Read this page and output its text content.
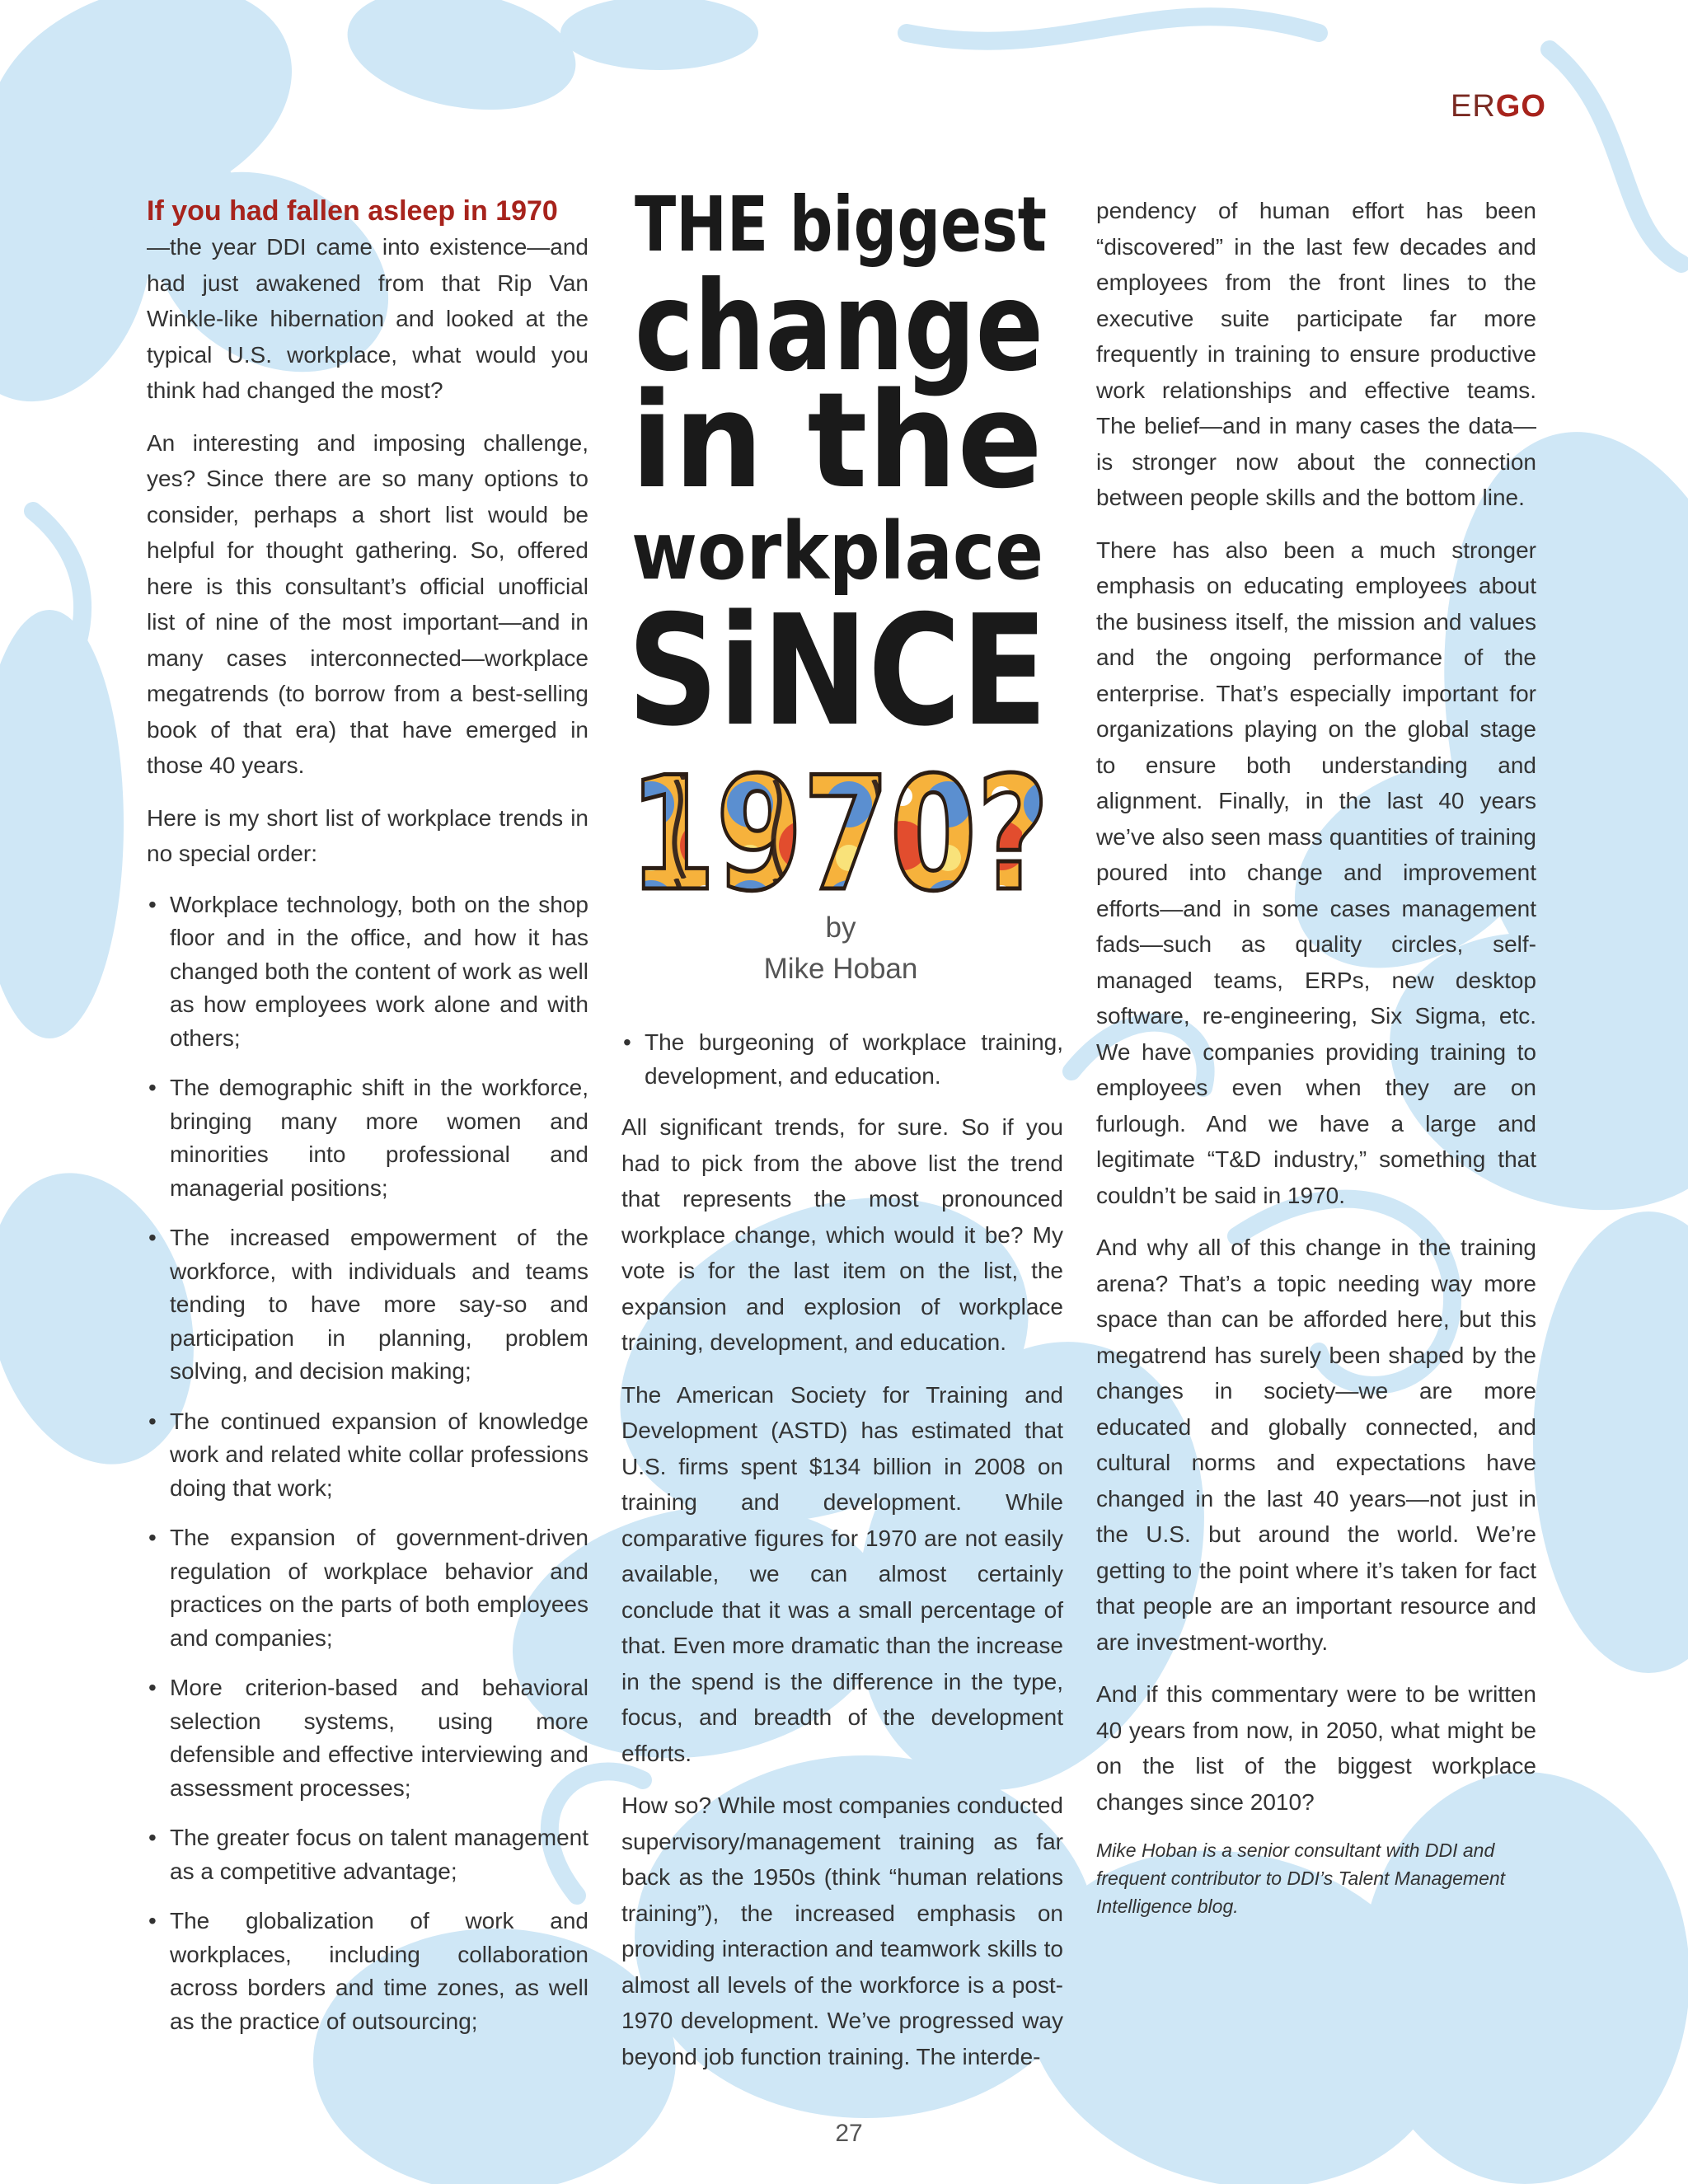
ERGO
THE biggest
change
in the
workplace
SiNCE
1970?
by
Mike Hoban

If you had fallen asleep in 1970
—the year DDI came into existence—and had just awakened from that Rip Van Winkle-like hibernation and looked at the typical U.S. workplace, what would you think had changed the most?

An interesting and imposing challenge, yes? Since there are so many options to consider, perhaps a short list would be helpful for thought gathering. So, offered here is this consultant’s official unofficial list of nine of the most important—and in many cases interconnected—workplace megatrends (to borrow from a best-selling book of that era) that have emerged in those 40 years.

Here is my short list of workplace trends in no special order:

• Workplace technology, both on the shop floor and in the office, and how it has changed both the content of work as well as how employees work alone and with others;
• The demographic shift in the workforce, bringing many more women and minorities into professional and managerial positions;
• The increased empowerment of the workforce, with individuals and teams tending to have more say-so and participation in planning, problem solving, and decision making;
• The continued expansion of knowledge work and related white collar professions doing that work;
• The expansion of government-driven regulation of workplace behavior and practices on the parts of both employees and companies;
• More criterion-based and behavioral selection systems, using more defensible and effective interviewing and assessment processes;
• The greater focus on talent management as a competitive advantage;
• The globalization of work and workplaces, including collaboration across borders and time zones, as well as the practice of outsourcing;
• The burgeoning of workplace training, development, and education.

All significant trends, for sure. So if you had to pick from the above list the trend that represents the most pronounced workplace change, which would it be? My vote is for the last item on the list, the expansion and explosion of workplace training, development, and education.

The American Society for Training and Development (ASTD) has estimated that U.S. firms spent $134 billion in 2008 on training and development. While comparative figures for 1970 are not easily available, we can almost certainly conclude that it was a small percentage of that. Even more dramatic than the increase in the spend is the difference in the type, focus, and breadth of the development efforts.

How so? While most companies conducted supervisory/management training as far back as the 1950s (think “human relations training”), the increased emphasis on providing interaction and teamwork skills to almost all levels of the workforce is a post-1970 development. We’ve progressed way beyond job function training. The interde-

pendency of human effort has been “discovered” in the last few decades and employees from the front lines to the executive suite participate far more frequently in training to ensure productive work relationships and effective teams. The belief—and in many cases the data—is stronger now about the connection between people skills and the bottom line.

There has also been a much stronger emphasis on educating employees about the business itself, the mission and values and the ongoing performance of the enterprise. That’s especially important for organizations playing on the global stage to ensure both understanding and alignment. Finally, in the last 40 years we’ve also seen mass quantities of training poured into change and improvement efforts—and in some cases management fads—such as quality circles, self-managed teams, ERPs, new desktop software, re-engineering, Six Sigma, etc. We have companies providing training to employees even when they are on furlough. And we have a large and legitimate “T&D industry,” something that couldn’t be said in 1970.

And why all of this change in the training arena? That’s a topic needing way more space than can be afforded here, but this megatrend has surely been shaped by the changes in society—we are more educated and globally connected, and cultural norms and expectations have changed in the last 40 years—not just in the U.S. but around the world. We’re getting to the point where it’s taken for fact that people are an important resource and are investment-worthy.

And if this commentary were to be written 40 years from now, in 2050, what might be on the list of the biggest workplace changes since 2010?

Mike Hoban is a senior consultant with DDI and frequent contributor to DDI’s Talent Management Intelligence blog.
27
